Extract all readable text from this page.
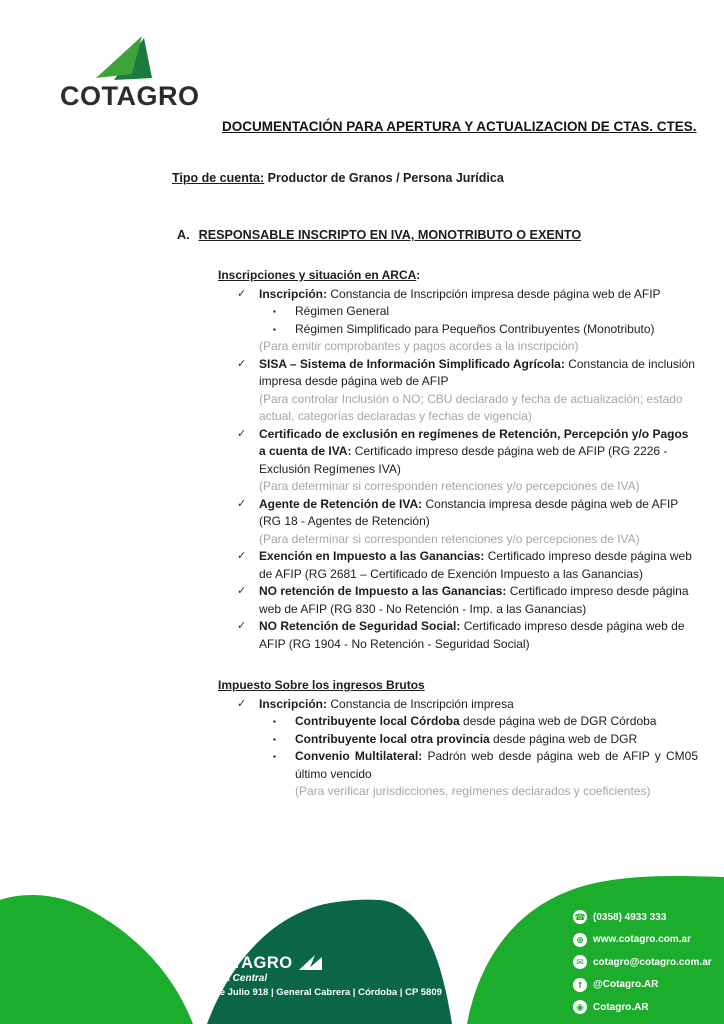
COTAGRO
DOCUMENTACIÓN PARA APERTURA Y ACTUALIZACION DE CTAS. CTES.
Tipo de cuenta: Productor de Granos / Persona Jurídica
A. RESPONSABLE INSCRIPTO EN IVA, MONOTRIBUTO O EXENTO
Inscripciones y situación en ARCA:
✓	Inscripción: Constancia de Inscripción impresa desde página web de AFIP
▪	Régimen General
▪	Régimen Simplificado para Pequeños Contribuyentes (Monotributo)
(Para emitir comprobantes y pagos acordes a la inscripción)
✓	SISA – Sistema de Información Simplificado Agrícola: Constancia de inclusión impresa desde página web de AFIP
(Para controlar Inclusión o NO; CBU declarado y fecha de actualización; estado actual, categorías declaradas y fechas de vigencia)
✓	Certificado de exclusión en regímenes de Retención, Percepción y/o Pagos a cuenta de IVA: Certificado impreso desde página web de AFIP (RG 2226 - Exclusión Regímenes IVA)
(Para determinar si corresponden retenciones y/o percepciones de IVA)
✓	Agente de Retención de IVA: Constancia impresa desde página web de AFIP (RG 18 - Agentes de Retención)
(Para determinar si corresponden retenciones y/o percepciones de IVA)
✓	Exención en Impuesto a las Ganancias: Certificado impreso desde página web de AFIP (RG 2681 – Certificado de Exención Impuesto a las Ganancias)
✓	NO retención de Impuesto a las Ganancias: Certificado impreso desde página web de AFIP (RG 830 - No Retención - Imp. a las Ganancias)
✓	NO Retención de Seguridad Social: Certificado impreso desde página web de AFIP (RG 1904 - No Retención - Seguridad Social)
Impuesto Sobre los ingresos Brutos
✓	Inscripción: Constancia de Inscripción impresa
▪	Contribuyente local Córdoba desde página web de DGR Córdoba
▪	Contribuyente local otra provincia desde página web de DGR
▪	Convenio Multilateral: Padrón web desde página web de AFIP y CM05 último vencido
(Para verificar jurisdicciones, regímenes declarados y coeficientes)
COTAGRO
Casa Central
9 de Julio 918 | General Cabrera | Córdoba | CP 5809
☎ (0358) 4933 333
⊕ www.cotagro.com.ar
✉ cotagro@cotagro.com.ar
f	@Cotagro.AR
◉ Cotagro.AR
